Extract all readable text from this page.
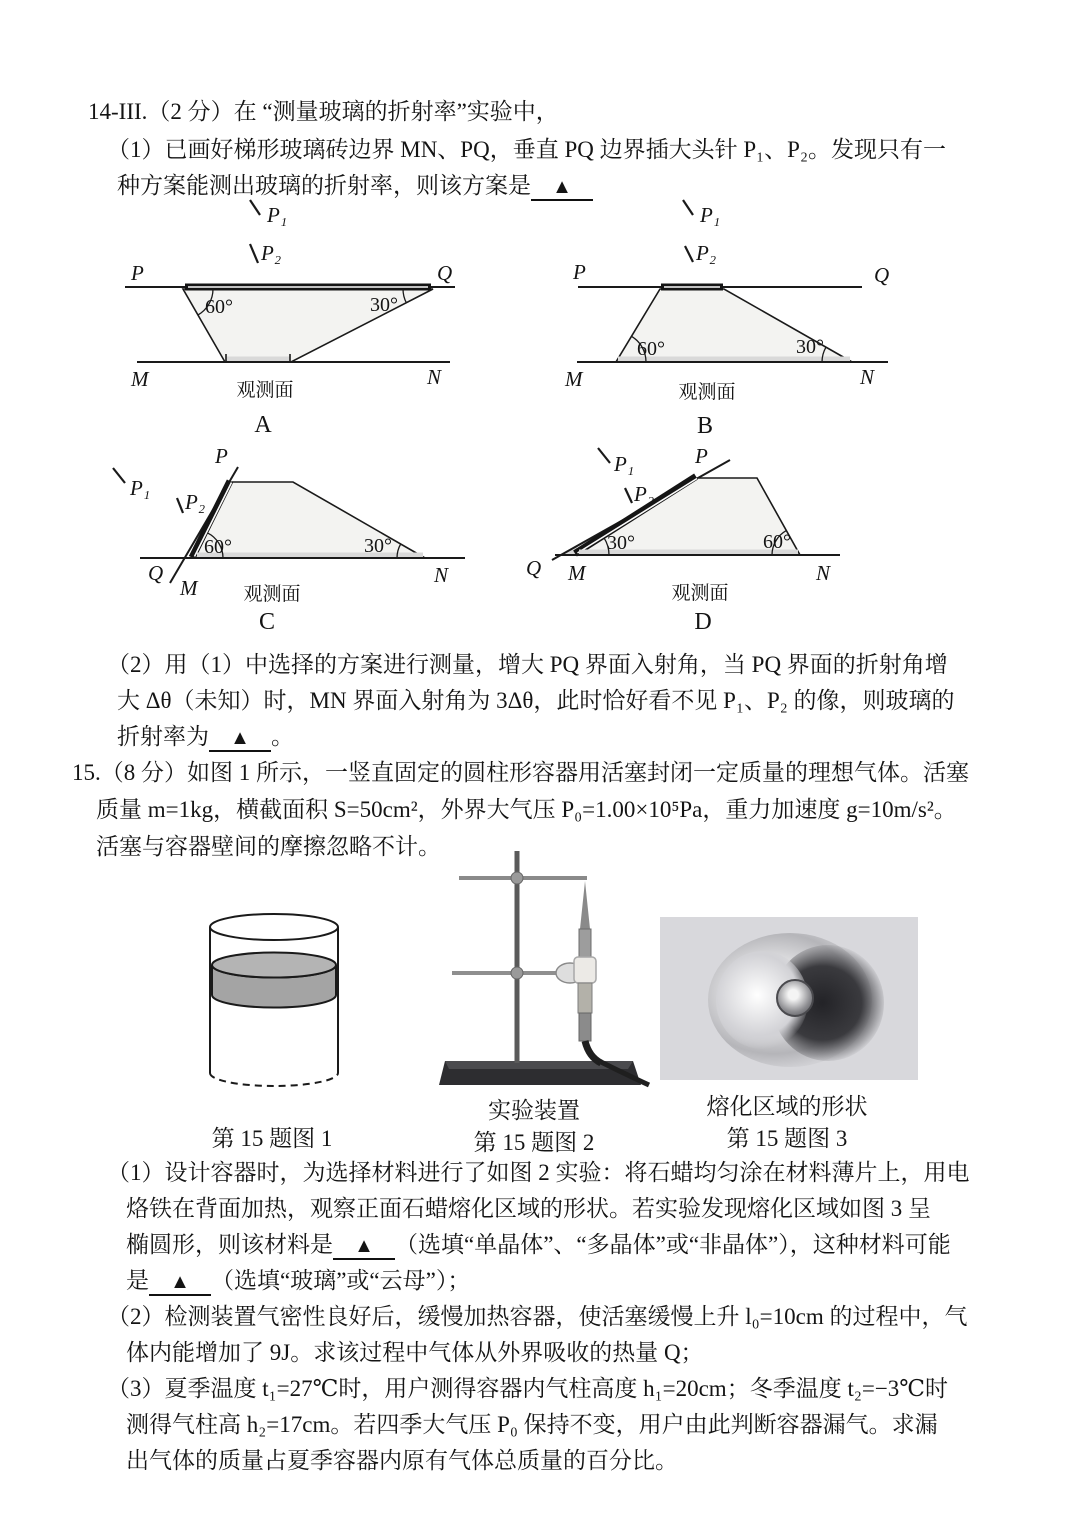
14-III.（2 分）在 “测量玻璃的折射率”实验中，
（1）已画好梯形玻璃砖边界 MN、PQ，垂直 PQ 边界插大头针 P₁、P₂。发现只有一
种方案能测出玻璃的折射率，则该方案是 ▲
P₁
P₂
P	Q
60°	30°
M	N
观测面
A
P₁
P₂
P	Q
60°	30°
M	N
观测面
B
P
Q
P₁
P₂
60°	30°
M
N
观测面
C
P
Q
P₁
P₂
30°	60°
M	N
观测面
D
（2）用（1）中选择的方案进行测量，增大 PQ 界面入射角，当 PQ 界面的折射角增
大 Δθ（未知）时，MN 界面入射角为 3Δθ，此时恰好看不见 P₁、P₂ 的像，则玻璃的
折射率为 ▲ 。
15.（8 分）如图 1 所示，一竖直固定的圆柱形容器用活塞封闭一定质量的理想气体。活塞
质量 m=1kg，横截面积 S=50cm²，外界大气压 P₀=1.00×10⁵Pa，重力加速度 g=10m/s²。
活塞与容器壁间的摩擦忽略不计。
第 15 题图 1
实验装置
第 15 题图 2
熔化区域的形状
第 15 题图 3
（1）设计容器时，为选择材料进行了如图 2 实验：将石蜡均匀涂在材料薄片上，用电
烙铁在背面加热，观察正面石蜡熔化区域的形状。若实验发现熔化区域如图 3 呈
椭圆形，则该材料是 ▲ （选填“单晶体”、“多晶体”或“非晶体”），这种材料可能
是 ▲ （选填“玻璃”或“云母”）；
（2）检测装置气密性良好后，缓慢加热容器，使活塞缓慢上升 l₀=10cm 的过程中，气
体内能增加了 9J。求该过程中气体从外界吸收的热量 Q；
（3）夏季温度 t₁=27℃时，用户测得容器内气柱高度 h₁=20cm；冬季温度 t₂=−3℃时
测得气柱高 h₂=17cm。若四季大气压 P₀ 保持不变，用户由此判断容器漏气。求漏
出气体的质量占夏季容器内原有气体总质量的百分比。
